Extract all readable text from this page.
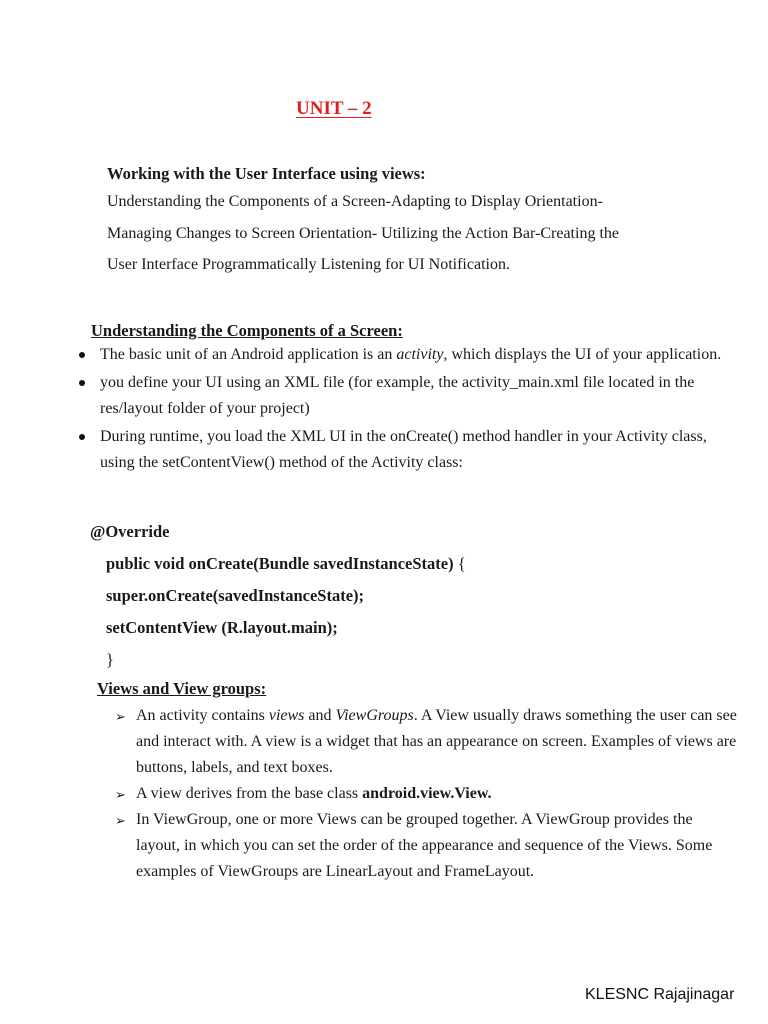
UNIT – 2

Working with the User Interface using views:

Understanding the Components of a Screen-Adapting to Display Orientation-
Managing Changes to Screen Orientation- Utilizing the Action Bar-Creating the
User Interface Programmatically Listening for UI Notification.

Understanding the Components of a Screen:

The basic unit of an Android application is an activity, which displays the UI of your application.
you define your UI using an XML file (for example, the activity_main.xml file located in the res/layout folder of your project)
During runtime, you load the XML UI in the onCreate() method handler in your Activity class, using the setContentView() method of the Activity class:
@Override
public void onCreate(Bundle savedInstanceState) {
super.onCreate(savedInstanceState);
setContentView (R.layout.main);
}

Views and View groups:

➢ An activity contains views and ViewGroups. A View usually draws something the user can see and interact with. A view is a widget that has an appearance on screen. Examples of views are buttons, labels, and text boxes.
➢ A view derives from the base class android.view.View.
➢ In ViewGroup, one or more Views can be grouped together. A ViewGroup provides the layout, in which you can set the order of the appearance and sequence of the Views. Some examples of ViewGroups are LinearLayout and FrameLayout.
KLESNC Rajajinagar
